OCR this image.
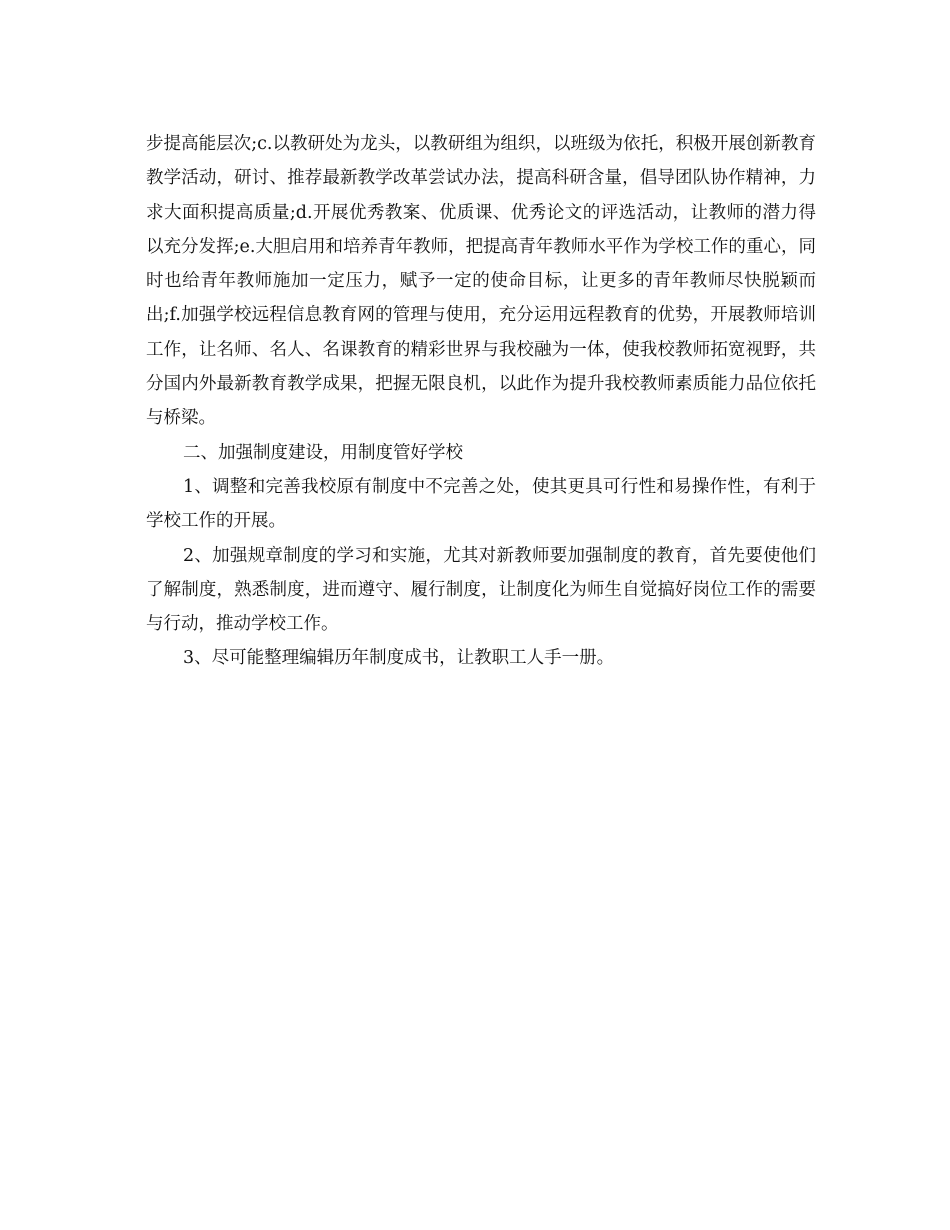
步提高能层次;c.以教研处为龙头，以教研组为组织，以班级为依托，积极开展创新教育教学活动，研讨、推荐最新教学改革尝试办法，提高科研含量，倡导团队协作精神，力求大面积提高质量;d.开展优秀教案、优质课、优秀论文的评选活动，让教师的潜力得以充分发挥;e.大胆启用和培养青年教师，把提高青年教师水平作为学校工作的重心，同时也给青年教师施加一定压力，赋予一定的使命目标，让更多的青年教师尽快脱颖而出;f.加强学校远程信息教育网的管理与使用，充分运用远程教育的优势，开展教师培训工作，让名师、名人、名课教育的精彩世界与我校融为一体，使我校教师拓宽视野，共分国内外最新教育教学成果，把握无限良机，以此作为提升我校教师素质能力品位依托与桥梁。

二、加强制度建设，用制度管好学校

1、调整和完善我校原有制度中不完善之处，使其更具可行性和易操作性，有利于学校工作的开展。

2、加强规章制度的学习和实施，尤其对新教师要加强制度的教育，首先要使他们了解制度，熟悉制度，进而遵守、履行制度，让制度化为师生自觉搞好岗位工作的需要与行动，推动学校工作。

3、尽可能整理编辑历年制度成书，让教职工人手一册。
